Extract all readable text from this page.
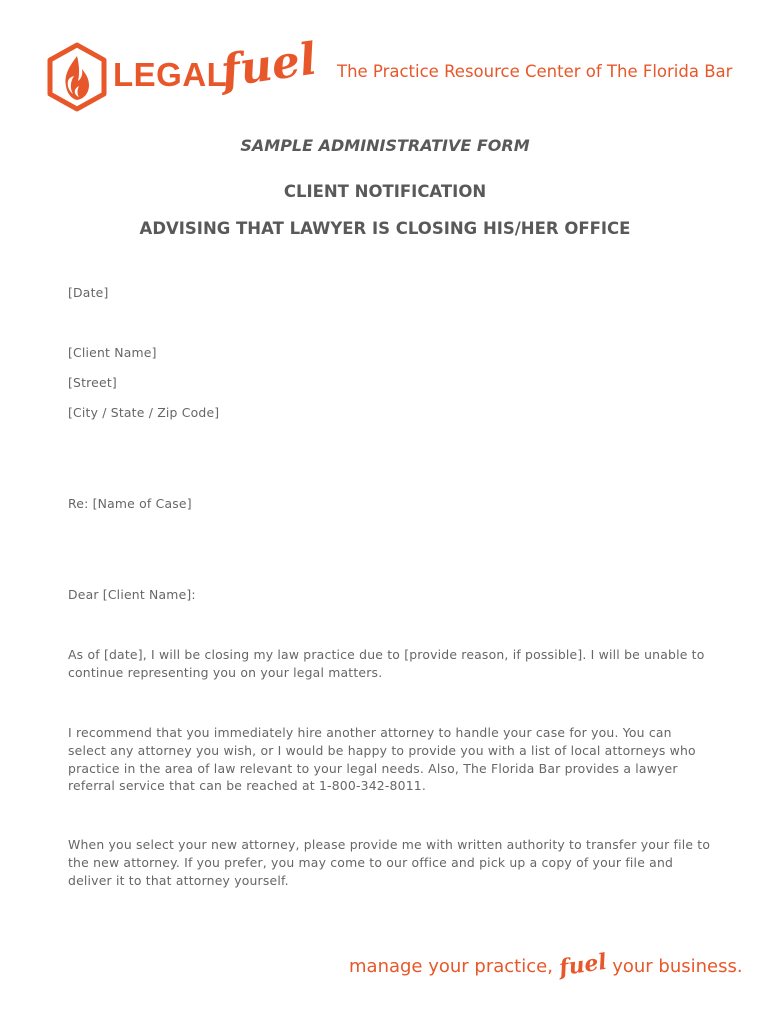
LEGAL
fuel The Practice Resource Center of The Florida Bar
SAMPLE ADMINISTRATIVE FORM
CLIENT NOTIFICATION
ADVISING THAT LAWYER IS CLOSING HIS/HER OFFICE
[Date]
[Client Name]
[Street]
[City / State / Zip Code]
Re: [Name of Case]
Dear [Client Name]:
As of [date], I will be closing my law practice due to [provide reason, if possible]. I will be unable to
continue representing you on your legal matters.
I recommend that you immediately hire another attorney to handle your case for you. You can
select any attorney you wish, or I would be happy to provide you with a list of local attorneys who
practice in the area of law relevant to your legal needs. Also, The Florida Bar provides a lawyer
referral service that can be reached at 1-800-342-8011.
When you select your new attorney, please provide me with written authority to transfer your file to
the new attorney. If you prefer, you may come to our office and pick up a copy of your file and
deliver it to that attorney yourself.
manage your practice, fuel your business.
